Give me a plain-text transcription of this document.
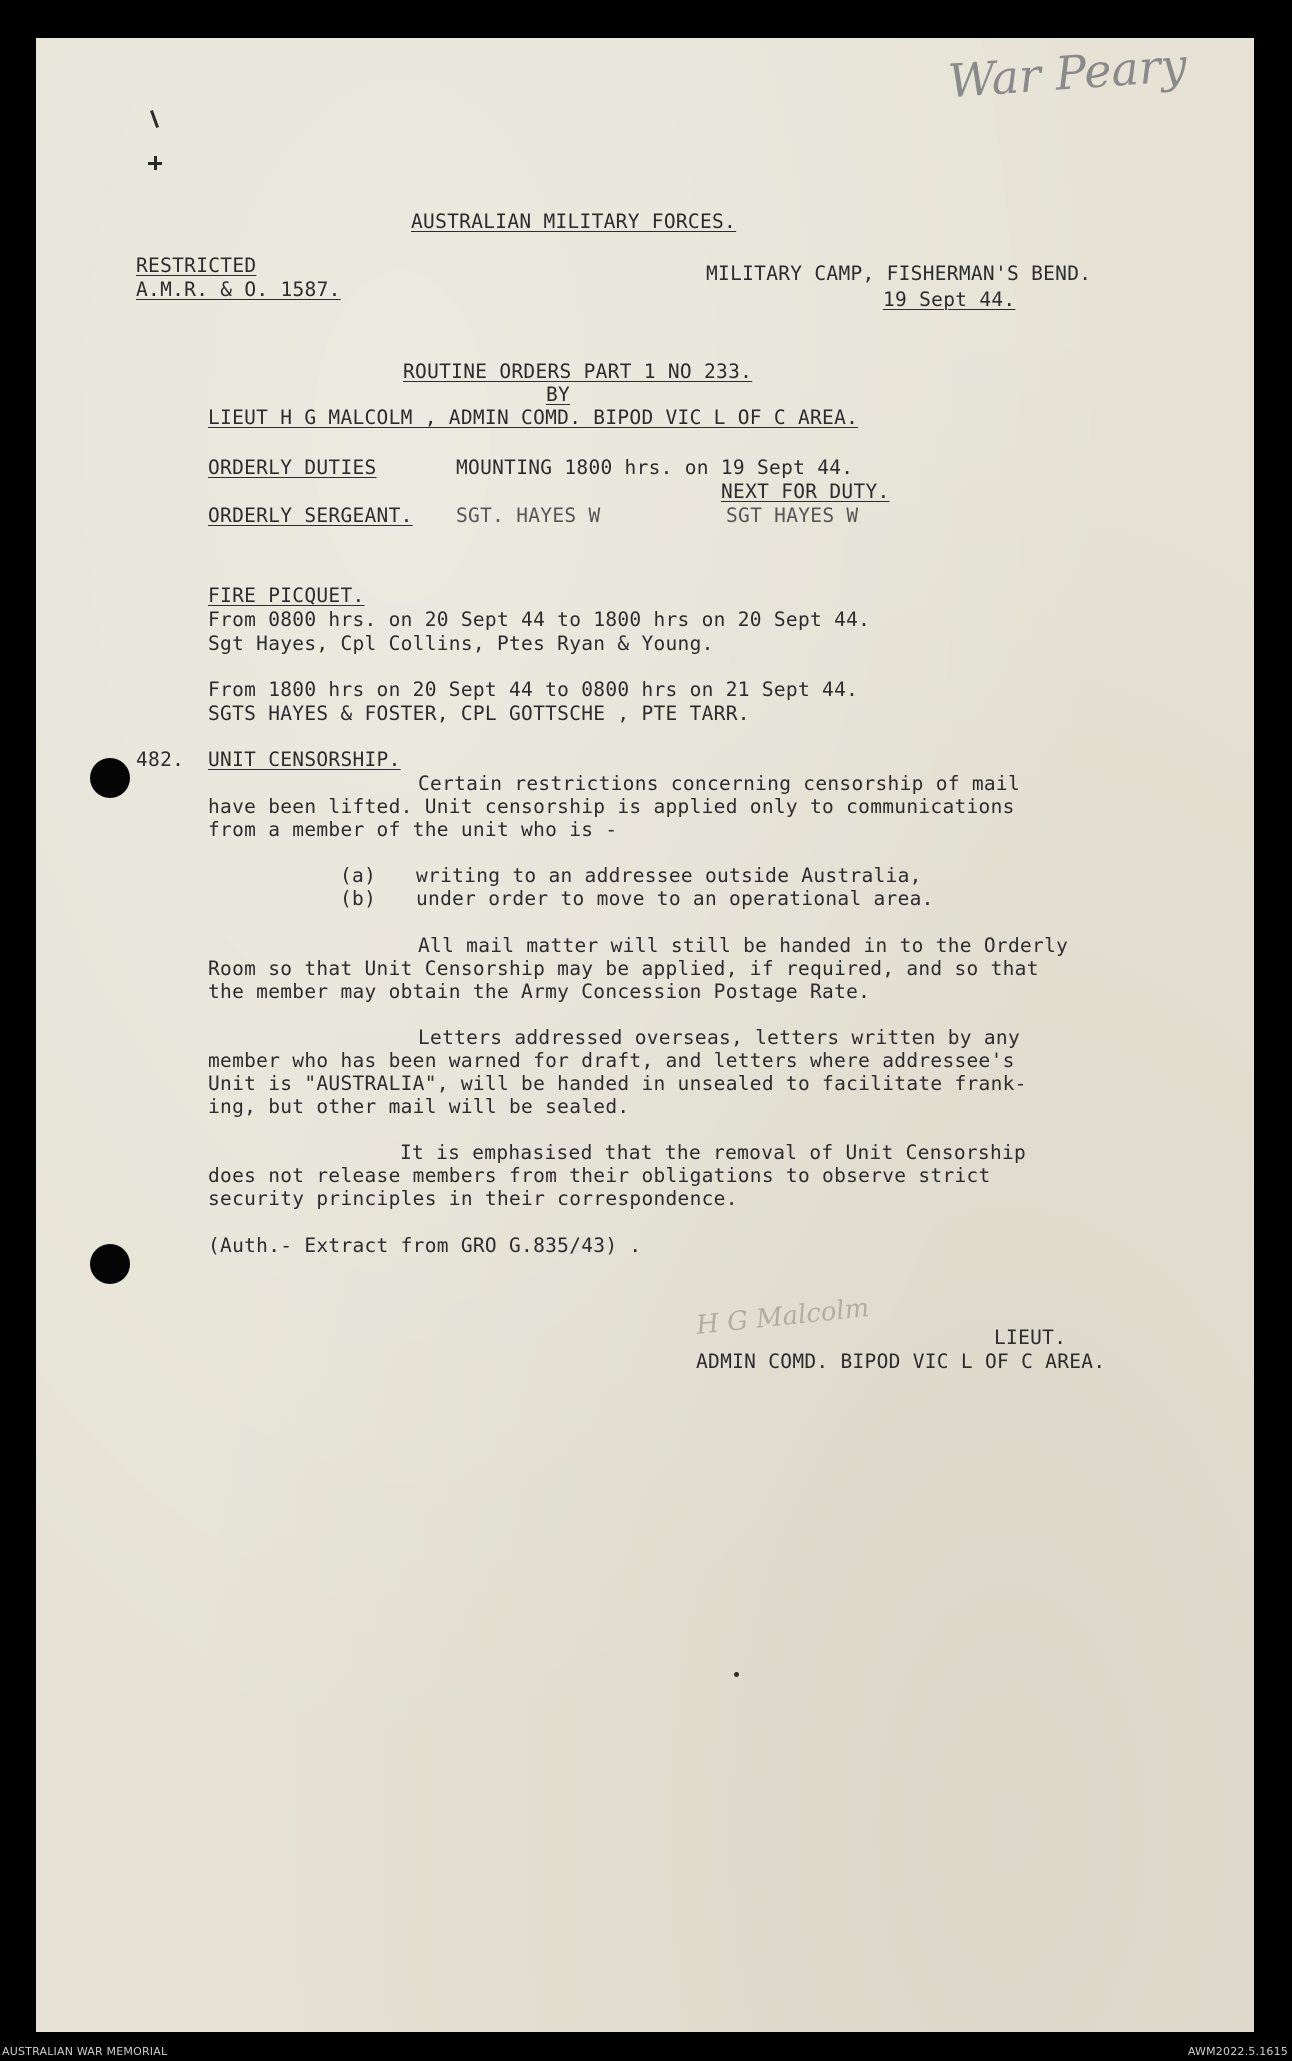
War Peary
AUSTRALIAN MILITARY FORCES.
RESTRICTED
A.M.R. & O. 1587.
MILITARY CAMP, FISHERMAN'S BEND.
19 Sept 44.
ROUTINE ORDERS PART 1 NO 233.
BY
LIEUT H G MALCOLM , ADMIN COMD. BIPOD VIC L OF C AREA.
ORDERLY DUTIES	MOUNTING 1800 hrs. on 19 Sept 44.
NEXT FOR DUTY.
ORDERLY SERGEANT. SGT. HAYES W	SGT HAYES W
FIRE PICQUET.
From 0800 hrs. on 20 Sept 44 to 1800 hrs on 20 Sept 44.
Sgt Hayes, Cpl Collins, Ptes Ryan & Young.
From 1800 hrs on 20 Sept 44 to 0800 hrs on 21 Sept 44.
SGTS HAYES & FOSTER, CPL GOTTSCHE , PTE TARR.
482. UNIT CENSORSHIP.
Certain restrictions concerning censorship of mail
have been lifted. Unit censorship is applied only to communications
from a member of the unit who is -
(a) writing to an addressee outside Australia,
(b) under order to move to an operational area.
All mail matter will still be handed in to the Orderly
Room so that Unit Censorship may be applied, if required, and so that
the member may obtain the Army Concession Postage Rate.
Letters addressed overseas, letters written by any
member who has been warned for draft, and letters where addressee's
Unit is "AUSTRALIA", will be handed in unsealed to facilitate frank-
ing, but other mail will be sealed.
It is emphasised that the removal of Unit Censorship
does not release members from their obligations to observe strict
security principles in their correspondence.
(Auth.- Extract from GRO G.835/43) .
H G Malcolm	LIEUT.
ADMIN COMD. BIPOD VIC L OF C AREA.
AUSTRALIAN WAR MEMORIAL	AWM2022.5.1615
